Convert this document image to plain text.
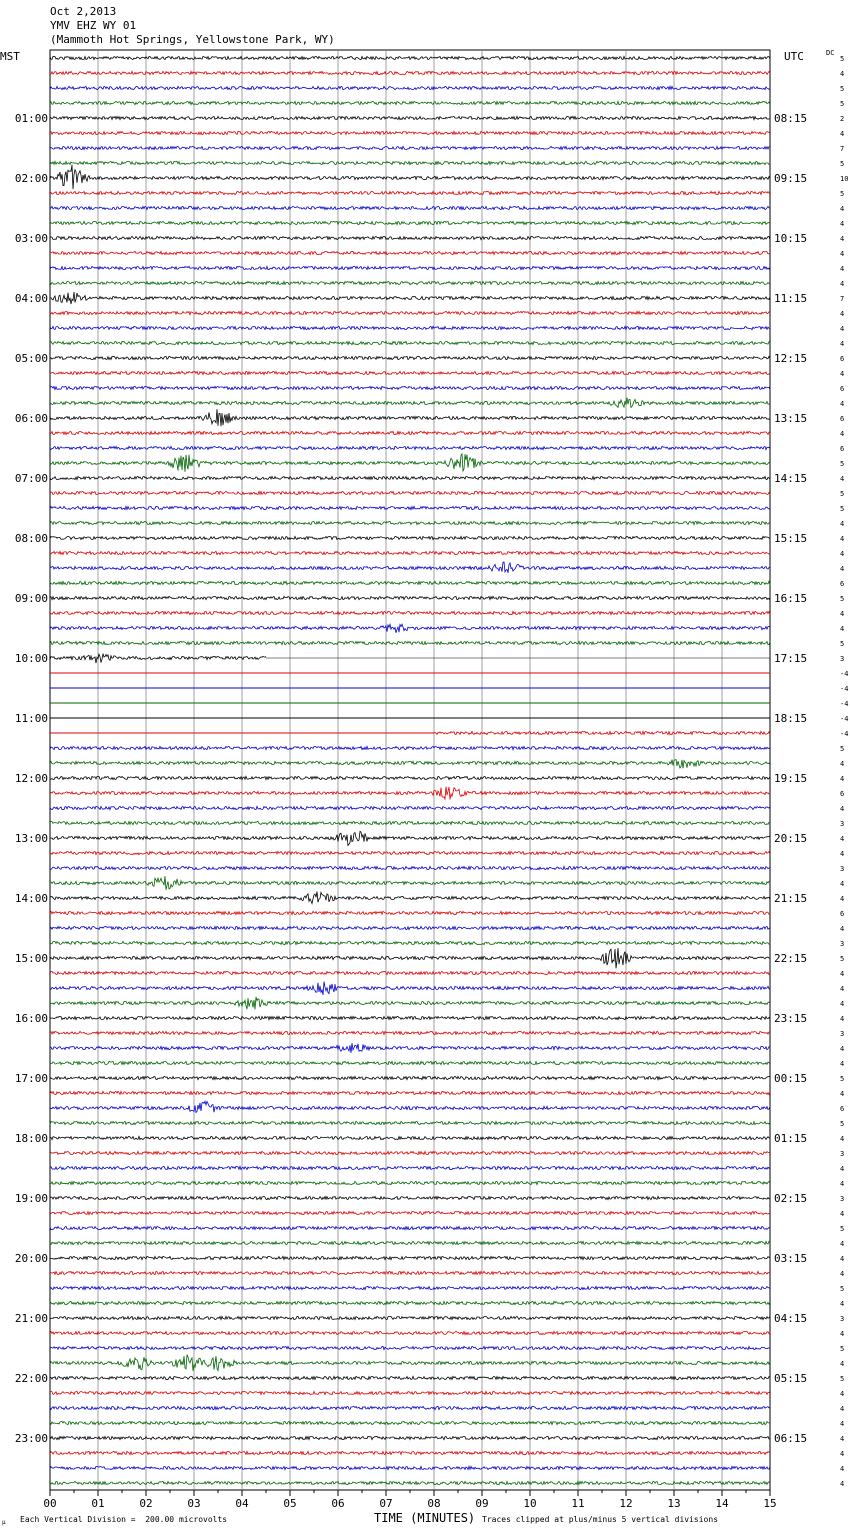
Oct 2,2013
YMV EHZ WY 01
(Mammoth Hot Springs, Yellowstone Park, WY)
MST	UTC	DC
00	01	02	03	04	05	06	07	08	09	10	11	12	13	14	15
5
4
5
5
2
4
7
5
10
5
4
4
4
4
4
4
7
4
4
4
6
4
6
4
6
4
6
5
4
5
5
4
4
4
4
6
5
4
4
5
3
-4
-4
-4
-4
-4
5
4
4
6
4
3
4
4
3
4
4
6
4
3
5
4
4
4
4
3
4
4
5
4
6
5
4
3
4
4
3
4
5
4
4
4
5
4
3
4
5
4
5
4
4
4
4
4
4
4
01:00
02:00
03:00
04:00
05:00
06:00
07:00
08:00
09:00
10:00
11:00
12:00
13:00
14:00
15:00
16:00
17:00
18:00
19:00
20:00
21:00
22:00
23:00
08:15
09:15
10:15
11:15
12:15
13:15
14:15
15:15
16:15
17:15
18:15
19:15
20:15
21:15
22:15
23:15
00:15
01:15
02:15
03:15
04:15
05:15
06:15
TIME (MINUTES)
Each Vertical Division =  200.00 microvolts	Traces clipped at plus/minus 5 vertical divisions
µ
